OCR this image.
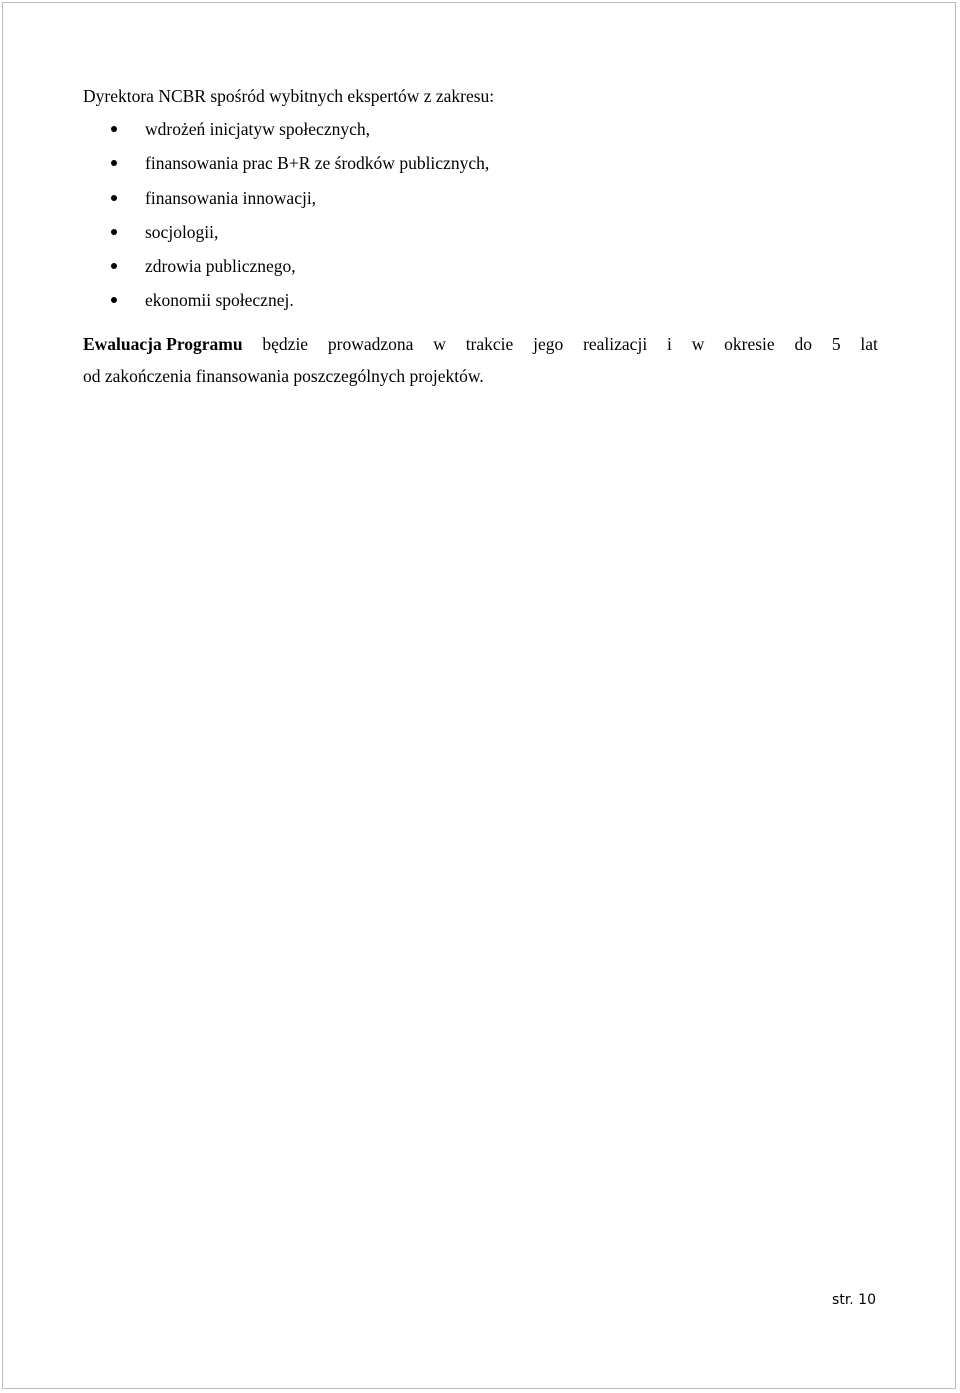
Dyrektora NCBR spośród wybitnych ekspertów z zakresu:

wdrożeń inicjatyw społecznych,
finansowania prac B+R ze środków publicznych,
finansowania innowacji,
socjologii,
zdrowia publicznego,
ekonomii społecznej.
Ewaluacja Programu będzie prowadzona w trakcie jego realizacji i w okresie do 5 lat
od zakończenia finansowania poszczególnych projektów.
str. 10
